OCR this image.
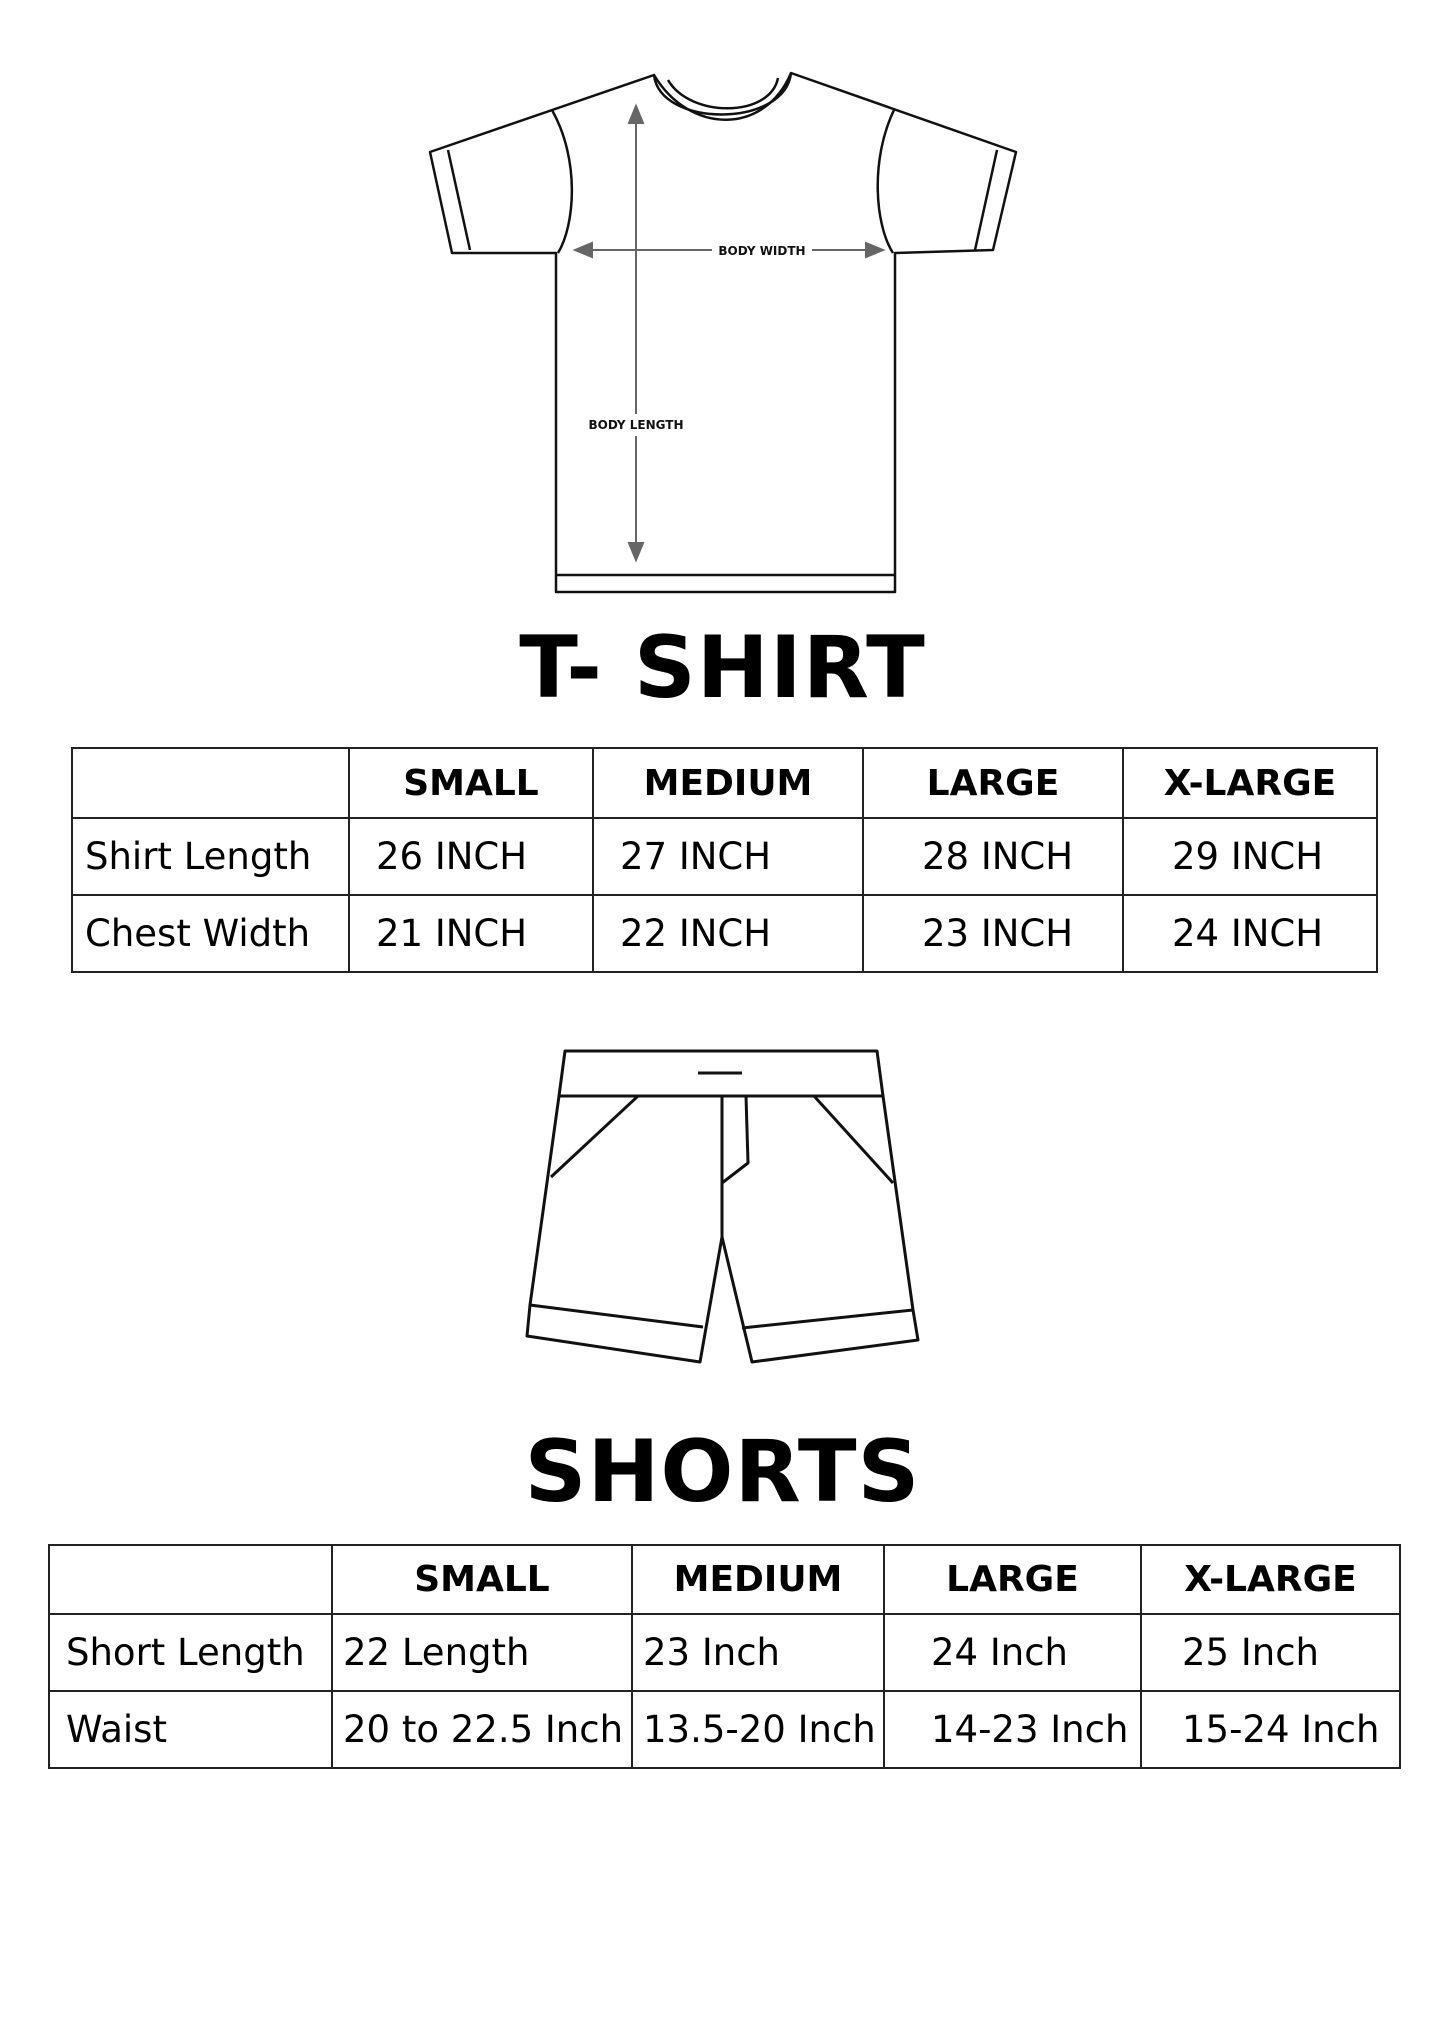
BODY WIDTH
BODY LENGTH
T- SHIRT
	SMALL	MEDIUM	LARGE	X-LARGE
Shirt Length	26 INCH	27 INCH	28 INCH	29 INCH
Chest Width	21 INCH	22 INCH	23 INCH	24 INCH
SHORTS
	SMALL	MEDIUM	LARGE	X-LARGE
Short Length	22 Length	23 Inch	24 Inch	25 Inch
Waist	20 to 22.5 Inch	13.5-20 Inch	14-23 Inch	15-24 Inch
